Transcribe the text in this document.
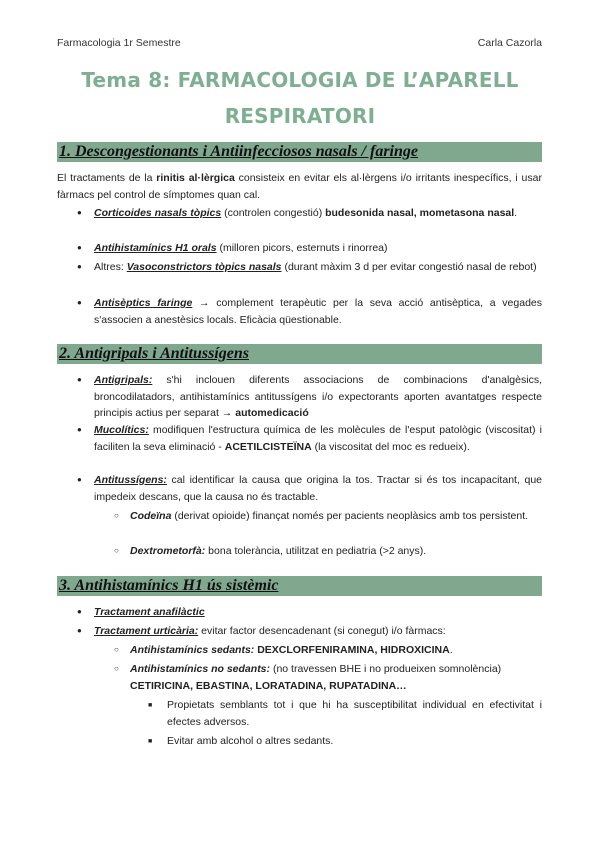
Farmacologia 1r Semestre	Carla Cazorla
Tema 8: FARMACOLOGIA DE L’APARELL
RESPIRATORI
1. Descongestionants i Antiinfecciosos nasals / faringe
El tractaments de la rinitis al·lèrgica consisteix en evitar els al·lèrgens i/o irritants inespecífics, i usar fàrmacs pel control de símptomes quan cal.
●
Corticoides nasals tòpics (controlen congestió) budesonida nasal, mometasona nasal.
●
Antihistamínics H1 orals (milloren picors, esternuts i rinorrea)
●
Altres: Vasoconstrictors tòpics nasals (durant màxim 3 d per evitar congestió nasal de rebot)
●
Antisèptics faringe → complement terapèutic per la seva acció antisèptica, a vegades s'associen a anestèsics locals. Eficàcia qüestionable.
2. Antigripals i Antitussígens
●
Antigripals: s'hi inclouen diferents associacions de combinacions d'analgèsics, broncodilatadors, antihistamínics antitussígens i/o expectorants aporten avantatges respecte principis actius per separat → automedicació
●
Mucolítics: modifiquen l'estructura química de les molècules de l'esput patològic (viscositat) i faciliten la seva eliminació - ACETILCISTEÏNA (la viscositat del moc es redueix).
●
Antitussígens: cal identificar la causa que origina la tos. Tractar si és tos incapacitant, que impedeix descans, que la causa no és tractable.
○
Codeïna (derivat opioide) finançat només per pacients neoplàsics amb tos persistent.
○
Dextrometorfà: bona tolerància, utilitzat en pediatria (>2 anys).
3. Antihistamínics H1 ús sistèmic
●
Tractament anafilàctic
●
Tractament urticària: evitar factor desencadenant (si conegut) i/o fàrmacs:
○
Antihistamínics sedants: DEXCLORFENIRAMINA, HIDROXICINA.
○
Antihistamínics no sedants: (no travessen BHE i no produeixen somnolència)
CETIRICINA, EBASTINA, LORATADINA, RUPATADINA…
■
Propietats semblants tot i que hi ha susceptibilitat individual en efectivitat i efectes adversos.
■
Evitar amb alcohol o altres sedants.
